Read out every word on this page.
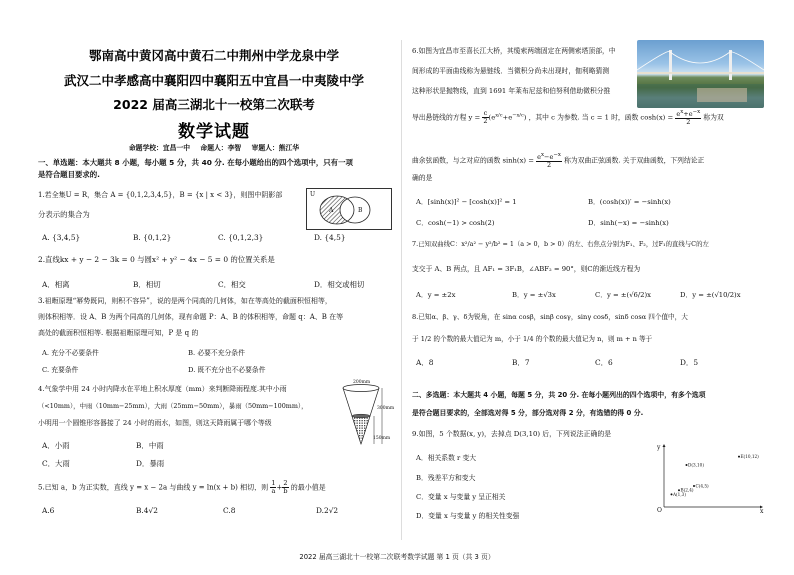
鄂南高中黄冈高中黄石二中荆州中学龙泉中学
武汉二中孝感高中襄阳四中襄阳五中宜昌一中夷陵中学
2022 届高三湖北十一校第二次联考
数学试题
命题学校：宜昌一中 命题人：李智 审题人：熊江华
一、单选题：本大题共 8 小题，每小题 5 分，共 40 分. 在每小题给出的四个选项中，只有一项
是符合题目要求的.
1.若全集U = R，集合 A = {0,1,2,3,4,5}，B = {x | x < 3}，则图中阴影部
分表示的集合为
U
A	B
A. {3,4,5}	B. {0,1,2}	C. {0,1,2,3}	D. {4,5}
2.直线kx + y − 2 − 3k = 0 与圆x² + y² − 4x − 5 = 0 的位置关系是
A．相离	B．相切	C．相交	D．相交或相切
3.祖暅原理“幂势既同，则积不容异”，说的是两个同高的几何体，如在等高处的截面积恒相等，
则体积相等．设 A、B 为两个同高的几何体，现有命题 P：A、B 的体积相等，命题 q：A、B 在等
高处的截面积恒相等. 根据祖暅原理可知，P 是 q 的
A. 充分不必要条件	B. 必要不充分条件
C. 充要条件	D. 既不充分也不必要条件
4.气象学中用 24 小时内降水在平地上积水厚度（mm）来判断降雨程度.其中小雨
（<10mm），中雨（10mm−25mm），大雨（25mm−50mm），暴雨（50mm−100mm），
小明用一个圆锥形容器接了 24 小时的雨水，如图，则这天降雨属于哪个等级
200mm
300mm
150mm
A．小雨	B．中雨
C．大雨	D．暴雨
5.已知 a，b 为正实数，直线 y = x − 2a 与曲线 y = ln(x + b) 相切，则 $\frac{1}{a} + \frac{2}{b}$ 的最小值是
A.6	B.4√2	C.8	D.2√2
6.如图为宜昌市至喜长江大桥，其缆索两端固定在两侧索塔顶部，中
间形成的平面曲线称为悬链线．当微积分尚未出现时，伽利略猜测
这种形状是抛物线，直到 1691 年莱布尼兹和伯努利借助微积分推
导出悬链线的方程 $y = \frac{c}{2} (e^{x/c}+e^{-x/c})$ ，其中 c 为参数. 当 c = 1 时，函数 $\cosh(x) = \frac{e^x+e^{-x}}{2}$ 称为双
曲余弦函数，与之对应的函数 $\sinh(x) = \frac{e^x-e^{-x}}{2}$ 称为双曲正弦函数. 关于双曲函数，下列结论正
确的是
A．[sinh(x)]² − [cosh(x)]² = 1	B．(cosh(x))′ = −sinh(x)
C．cosh(−1) > cosh(2)	D．sinh(−x) = −sinh(x)
7.已知双曲线C：x²/a² − y²/b² = 1（a > 0，b > 0）的左、右焦点分别为F₁、F₂，过F₁的直线与C的左
支交于 A、B 两点，且 AF₁ = 3F₁B，∠ABF₂ = 90°，则C的渐近线方程为
A．y = ±2x	B．y = ±√3x	C．y = ±(√6/2)x	D．y = ±(√10/2)x
8.已知α、β、γ、δ为锐角，在 sinα cosβ，sinβ cosγ，sinγ cosδ，sinδ cosα 四个值中，大
于 1/2 的个数的最大值记为 m，小于 1/4 的个数的最大值记为 n，则 m + n 等于
A．8	B．7	C．6	D．5
二、多选题：本大题共 4 小题，每题 5 分，共 20 分. 在每小题列出的四个选项中，有多个选项
是符合题目要求的，全部选对得 5 分，部分选对得 2 分，有选错的得 0 分.
9.如图，5 个数据(x, y)，去掉点 D(3,10) 后，下列说法正确的是
A．相关系数 r 变大
B．残差平方和变大
C．变量 x 与变量 y 呈正相关
D．变量 x 与变量 y 的相关性变强
E(10,12)
D(3,10)
C(4,5)
B(2,4)
A(1,3)
x
y
O
2022 届高三湖北十一校第二次联考数学试题 第 1 页（共 3 页）
